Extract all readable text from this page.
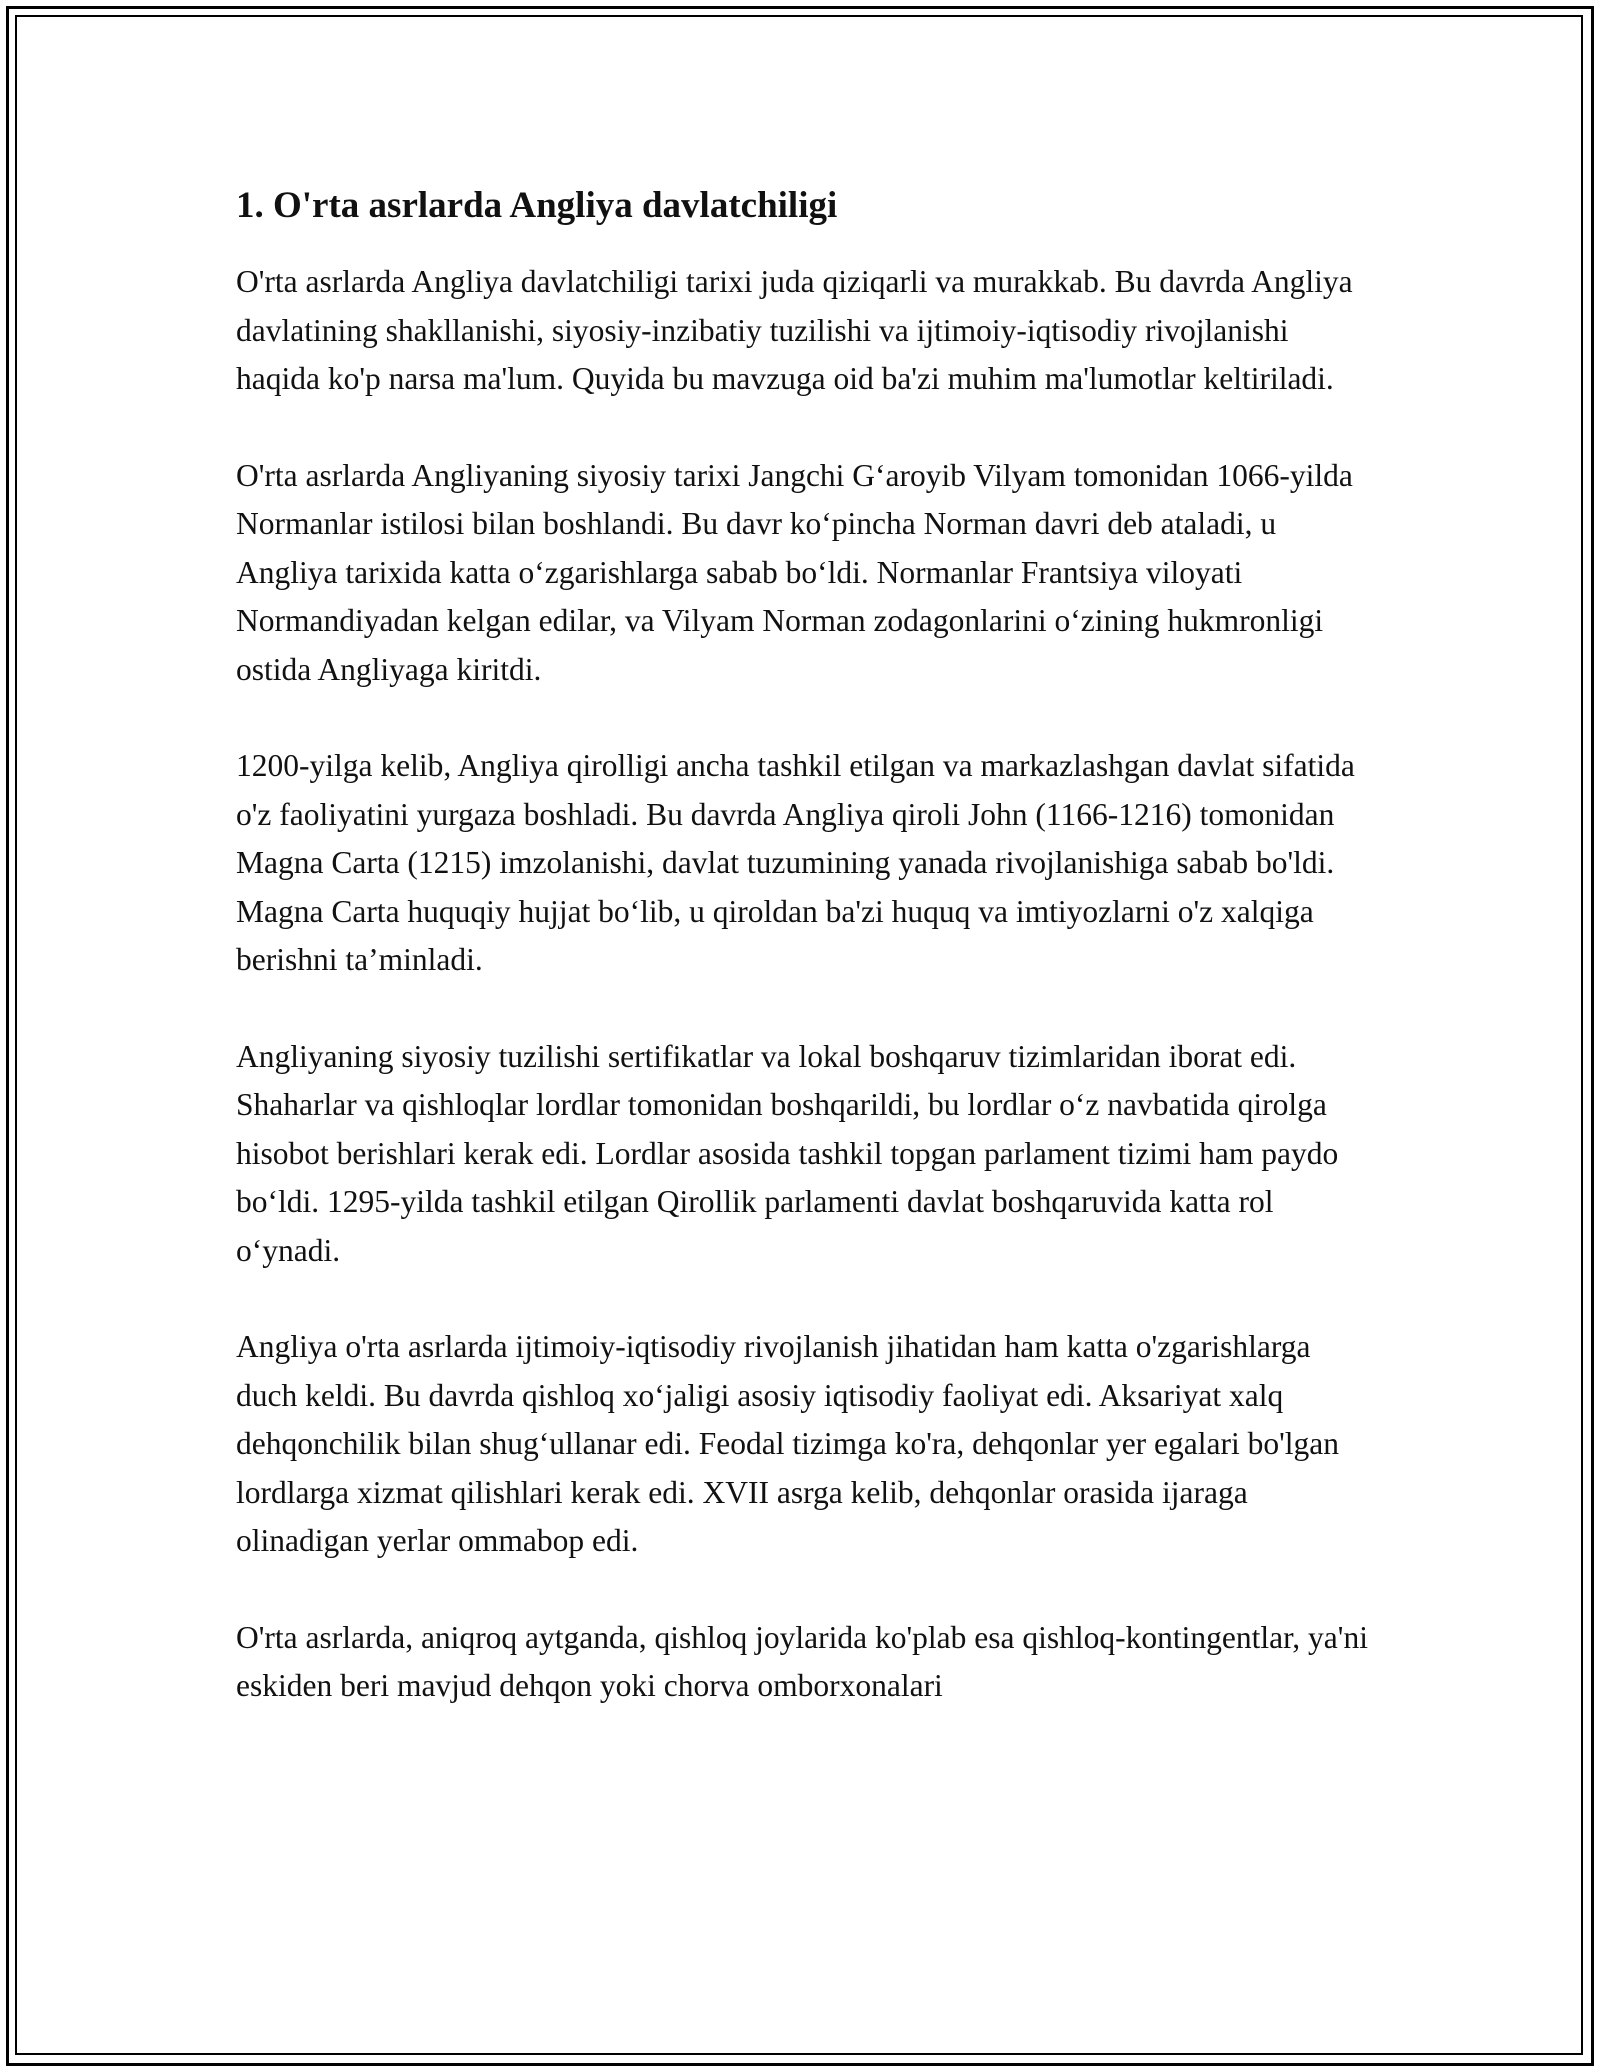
1. O'rta asrlarda Angliya davlatchiligi

O'rta asrlarda Angliya davlatchiligi tarixi juda qiziqarli va murakkab. Bu davrda Angliya davlatining shakllanishi, siyosiy-inzibatiy tuzilishi va ijtimoiy-iqtisodiy rivojlanishi haqida ko'p narsa ma'lum. Quyida bu mavzuga oid ba'zi muhim ma'lumotlar keltiriladi.

O'rta asrlarda Angliyaning siyosiy tarixi Jangchi G‘aroyib Vilyam tomonidan 1066-yilda Normanlar istilosi bilan boshlandi. Bu davr ko‘pincha Norman davri deb ataladi, u Angliya tarixida katta o‘zgarishlarga sabab bo‘ldi. Normanlar Frantsiya viloyati Normandiyadan kelgan edilar, va Vilyam Norman zodagonlarini o‘zining hukmronligi ostida Angliyaga kiritdi.

1200-yilga kelib, Angliya qirolligi ancha tashkil etilgan va markazlashgan davlat sifatida o'z faoliyatini yurgaza boshladi. Bu davrda Angliya qiroli John (1166-1216) tomonidan Magna Carta (1215) imzolanishi, davlat tuzumining yanada rivojlanishiga sabab bo'ldi. Magna Carta huquqiy hujjat bo‘lib, u qiroldan ba'zi huquq va imtiyozlarni o'z xalqiga berishni ta’minladi.

Angliyaning siyosiy tuzilishi sertifikatlar va lokal boshqaruv tizimlaridan iborat edi. Shaharlar va qishloqlar lordlar tomonidan boshqarildi, bu lordlar o‘z navbatida qirolga hisobot berishlari kerak edi. Lordlar asosida tashkil topgan parlament tizimi ham paydo bo‘ldi. 1295-yilda tashkil etilgan Qirollik parlamenti davlat boshqaruvida katta rol o‘ynadi.

Angliya o'rta asrlarda ijtimoiy-iqtisodiy rivojlanish jihatidan ham katta o'zgarishlarga duch keldi. Bu davrda qishloq xo‘jaligi asosiy iqtisodiy faoliyat edi. Aksariyat xalq dehqonchilik bilan shug‘ullanar edi. Feodal tizimga ko'ra, dehqonlar yer egalari bo'lgan lordlarga xizmat qilishlari kerak edi. XVII asrga kelib, dehqonlar orasida ijaraga olinadigan yerlar ommabop edi.

O'rta asrlarda, aniqroq aytganda, qishloq joylarida ko'plab esa qishloq-kontingentlar, ya'ni eskiden beri mavjud dehqon yoki chorva omborxonalari
